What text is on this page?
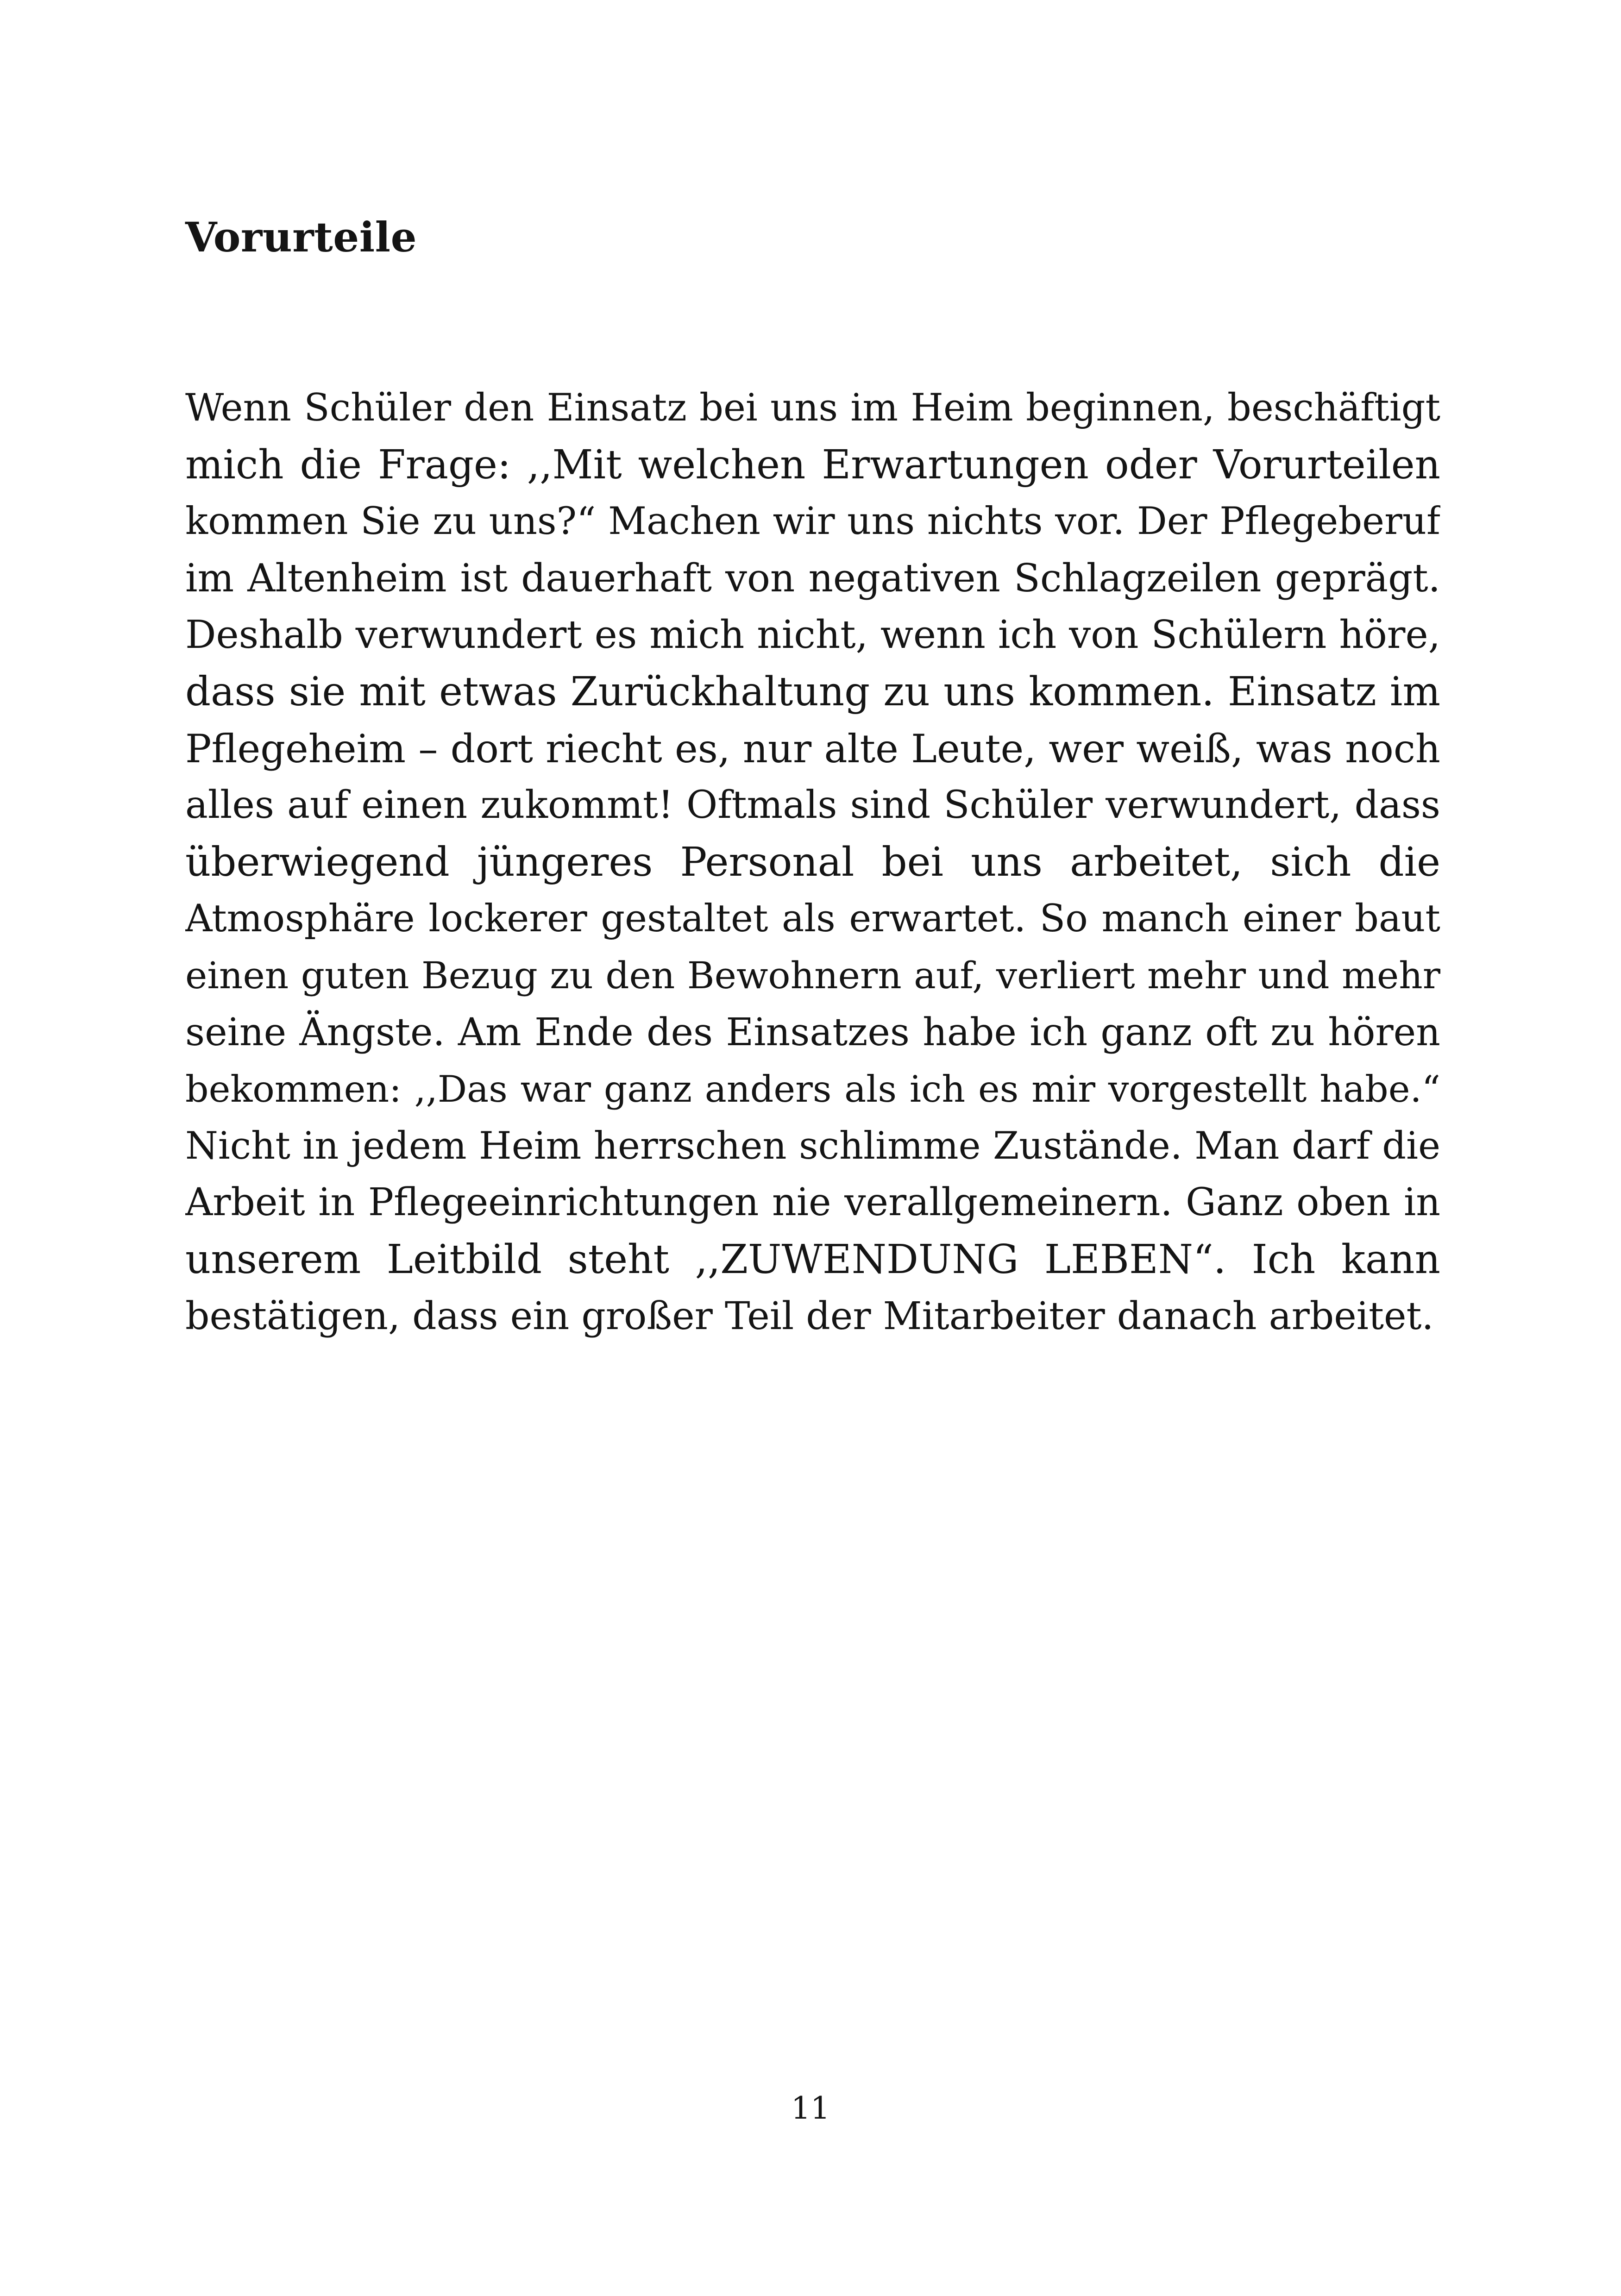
Vorurteile
Wenn Schüler den Einsatz bei uns im Heim beginnen, beschäftigt
mich die Frage: ,,Mit welchen Erwartungen oder Vorurteilen
kommen Sie zu uns?“ Machen wir uns nichts vor. Der Pflegeberuf
im Altenheim ist dauerhaft von negativen Schlagzeilen geprägt.
Deshalb verwundert es mich nicht, wenn ich von Schülern höre,
dass sie mit etwas Zurückhaltung zu uns kommen. Einsatz im
Pflegeheim – dort riecht es, nur alte Leute, wer weiß, was noch
alles auf einen zukommt! Oftmals sind Schüler verwundert, dass
überwiegend jüngeres Personal bei uns arbeitet, sich die
Atmosphäre lockerer gestaltet als erwartet. So manch einer baut
einen guten Bezug zu den Bewohnern auf, verliert mehr und mehr
seine Ängste. Am Ende des Einsatzes habe ich ganz oft zu hören
bekommen: ,,Das war ganz anders als ich es mir vorgestellt habe.“
Nicht in jedem Heim herrschen schlimme Zustände. Man darf die
Arbeit in Pflegeeinrichtungen nie verallgemeinern. Ganz oben in
unserem Leitbild steht ,,ZUWENDUNG LEBEN“. Ich kann
bestätigen, dass ein großer Teil der Mitarbeiter danach arbeitet.
11
